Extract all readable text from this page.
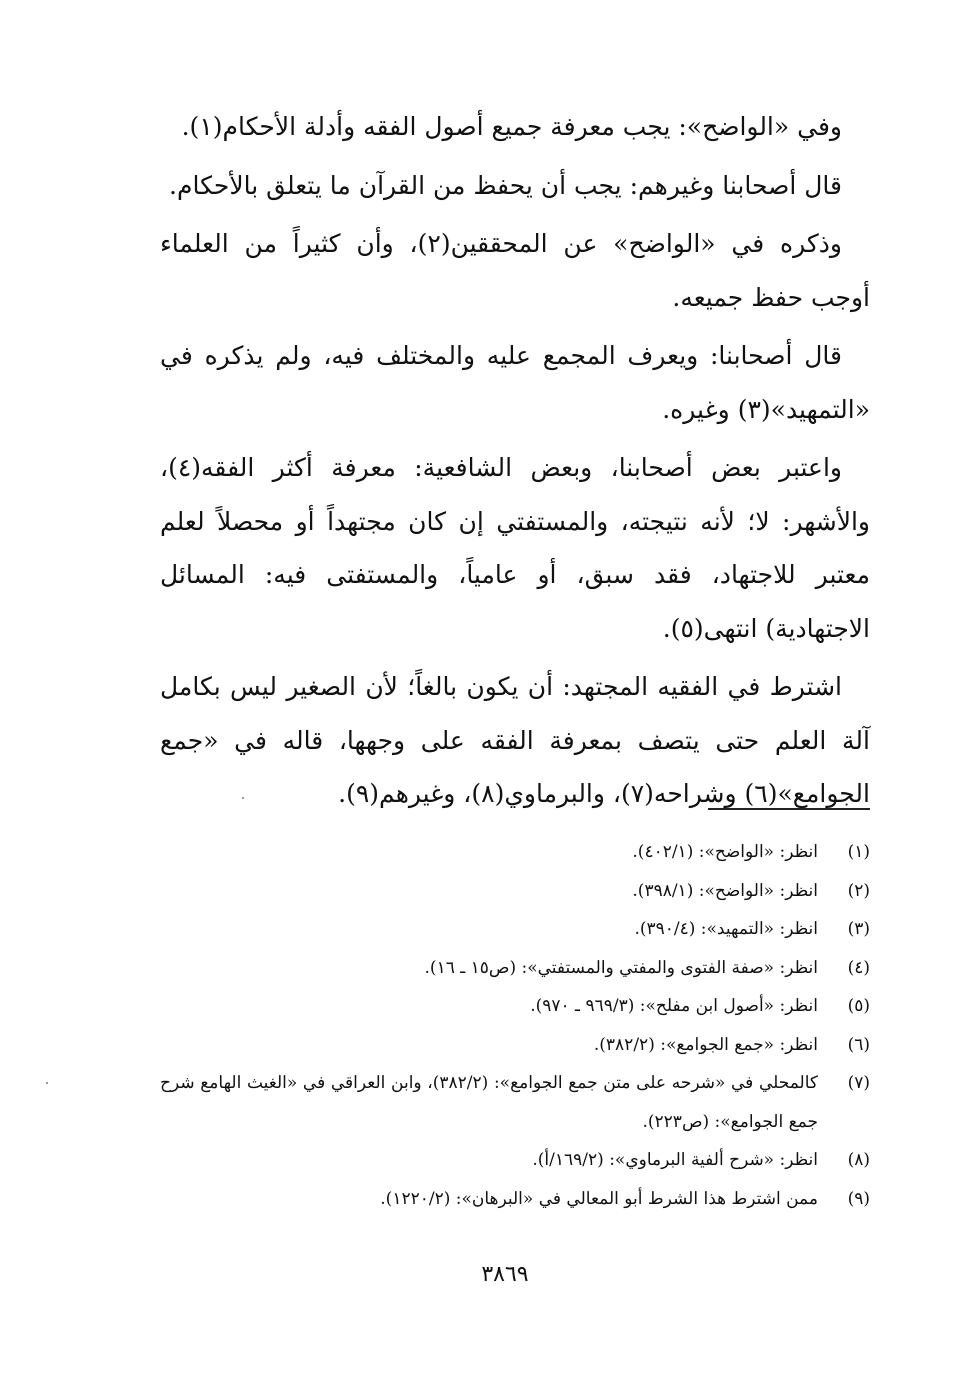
وفي «الواضح»: يجب معرفة جميع أصول الفقه وأدلة الأحكام(١).

قال أصحابنا وغيرهم: يجب أن يحفظ من القرآن ما يتعلق بالأحكام.

وذكره في «الواضح» عن المحققين(٢)، وأن كثيراً من العلماء أوجب حفظ جميعه.

قال أصحابنا: ويعرف المجمع عليه والمختلف فيه، ولم يذكره في «التمهيد»(٣) وغيره.

واعتبر بعض أصحابنا، وبعض الشافعية: معرفة أكثر الفقه(٤)، والأشهر: لا؛ لأنه نتيجته، والمستفتي إن كان مجتهداً أو محصلاً لعلم معتبر للاجتهاد، فقد سبق، أو عامياً، والمستفتى فيه: المسائل الاجتهادية) انتهى(٥).

اشترط في الفقيه المجتهد: أن يكون بالغاً؛ لأن الصغير ليس بكامل آلة العلم حتى يتصف بمعرفة الفقه على وجهها، قاله في «جمع الجوامع»(٦) وشراحه(٧)، والبرماوي(٨)، وغيرهم(٩).

(١)
انظر: «الواضح»: (٤٠٢/١).
(٢)
انظر: «الواضح»: (٣٩٨/١).
(٣)
انظر: «التمهيد»: (٣٩٠/٤).
(٤)
انظر: «صفة الفتوى والمفتي والمستفتي»: (ص١٥ ـ ١٦).
(٥)
انظر: «أصول ابن مفلح»: (٩٦٩/٣ ـ ٩٧٠).
(٦)
انظر: «جمع الجوامع»: (٣٨٢/٢).
(٧)
كالمحلي في «شرحه على متن جمع الجوامع»: (٣٨٢/٢)، وابن العراقي في «الغيث الهامع شرح جمع الجوامع»: (ص٢٢٣).
(٨)
انظر: «شرح ألفية البرماوي»: (١٦٩/٢/أ).
(٩)
ممن اشترط هذا الشرط أبو المعالي في «البرهان»: (١٢٢٠/٢).
٣٨٦٩
